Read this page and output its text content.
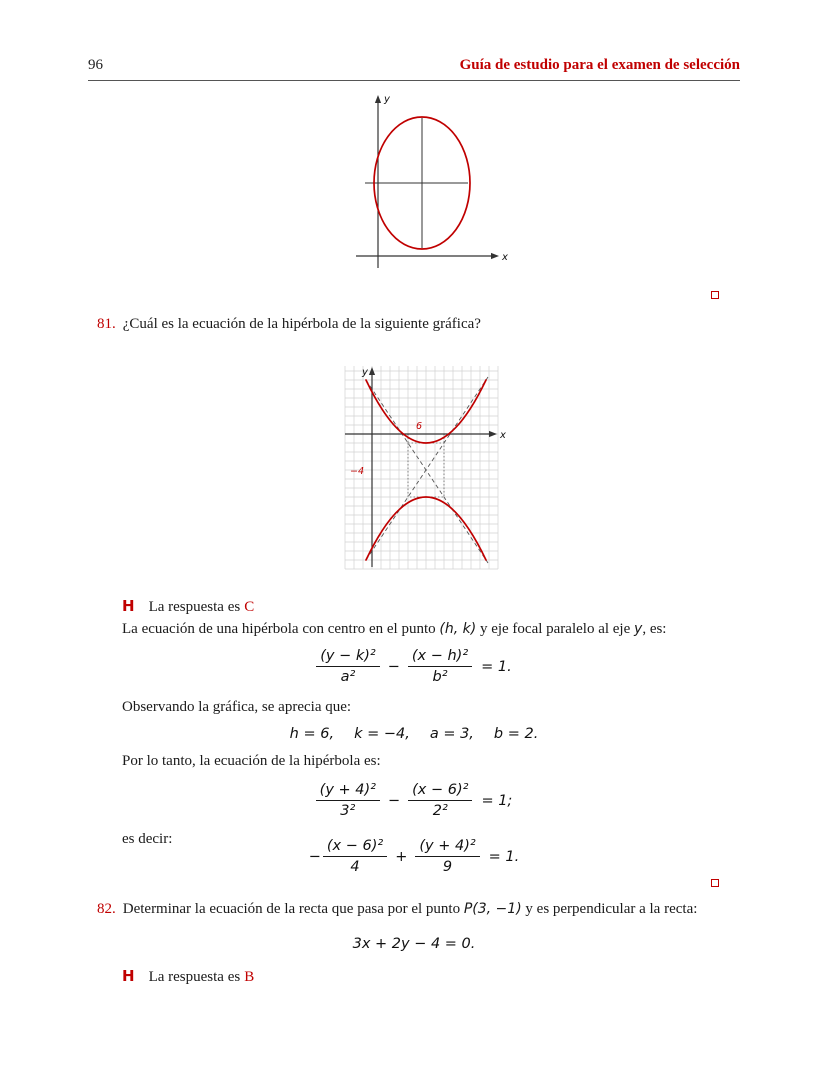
96	Guía de estudio para el examen de selección
y
x
81. ¿Cuál es la ecuación de la hipérbola de la siguiente gráfica?
6
−4
y
x
H La respuesta es C

La ecuación de una hipérbola con centro en el punto (h, k) y eje focal paralelo al eje y, es:

$\frac{\text{(y − k)²}}{\text{a²}} - \frac{\text{(x − h)²}}{\text{b²}} = 1$.

Observando la gráfica, se aprecia que:

h = 6, k = −4, a = 3, b = 2.

Por lo tanto, la ecuación de la hipérbola es:

$\frac{\text{(y + 4)²}}{\text{3²}} - \frac{\text{(x − 6)²}}{\text{2²}} = 1$;

es decir:

− $\frac{\text{(x − 6)²}}{4} + \frac{\text{(y + 4)²}}{9} = 1$.
82. Determinar la ecuación de la recta que pasa por el punto P(3, −1) y es perpendicular a la recta:
3x + 2y − 4 = 0.
H La respuesta es B
